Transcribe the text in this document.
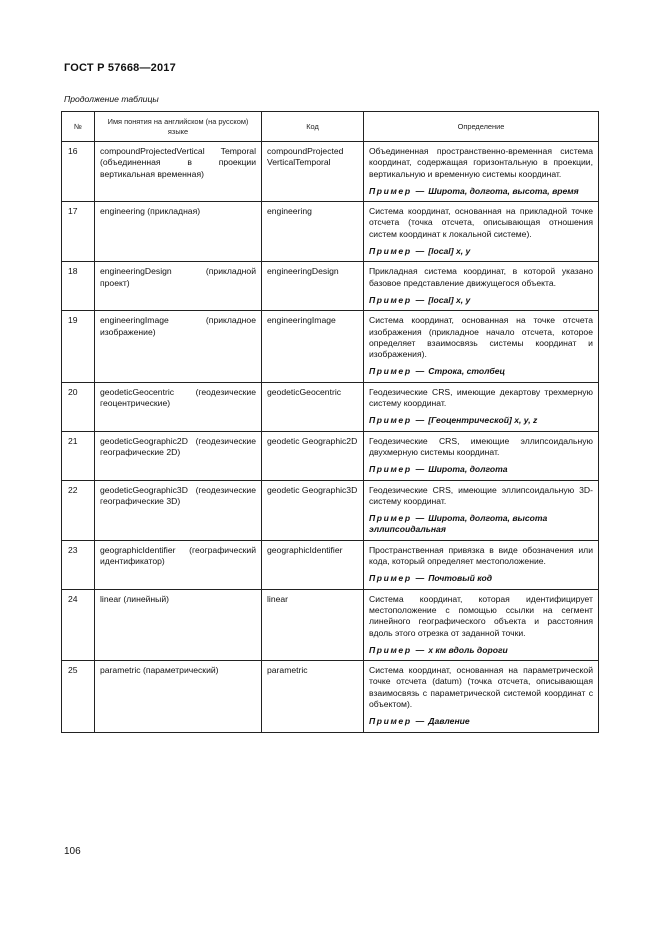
ГОСТ Р 57668—2017
Продолжение таблицы
№	Имя понятия на английском (на русском) языке	Код	Определение
16	compoundProjectedVertical Temporal (объединенная в проекции вертикальная временная)	compoundProjected VerticalTemporal	Объединенная пространственно-временная система координат, содержащая горизонтальную в проекции, вертикальную и временную системы координат.
Пример — Широта, долгота, высота, время

17	engineering (прикладная)	engineering	Система координат, основанная на прикладной точке отсчета (точка отсчета, описывающая отношения систем координат к локальной системе).
Пример — [local] x, y

18	engineeringDesign (прикладной проект)	engineeringDesign	Прикладная система координат, в которой указано базовое представление движущегося объекта.
Пример — [local] x, y

19	engineeringImage (прикладное изображение)	engineeringImage	Система координат, основанная на точке отсчета изображения (прикладное начало отсчета, которое определяет взаимосвязь системы координат и изображения).
Пример — Строка, столбец

20	geodeticGeocentric (геодезические геоцентрические)	geodeticGeocentric	Геодезические CRS, имеющие декартову трехмерную систему координат.
Пример — [Геоцентрической] x, y, z

21	geodeticGeographic2D (геодезические географические 2D)	geodetic Geographic2D	Геодезические CRS, имеющие эллипсоидальную двухмерную системы координат.
Пример — Широта, долгота

22	geodeticGeographic3D (геодезические географические 3D)	geodetic Geographic3D	Геодезические CRS, имеющие эллипсоидальную 3D-систему координат.
Пример — Широта, долгота, высота эллипсоидальная

23	geographicIdentifier (географический идентификатор)	geographicIdentifier	Пространственная привязка в виде обозначения или кода, который определяет местоположение.
Пример — Почтовый код

24	linear (линейный)	linear	Система координат, которая идентифицирует местоположение с помощью ссылки на сегмент линейного географического объекта и расстояния вдоль этого отрезка от заданной точки.
Пример — x км вдоль дороги

25	parametric (параметрический)	parametric	Система координат, основанная на параметрической точке отсчета (datum) (точка отсчета, описывающая взаимосвязь с параметрической системой координат с объектом).
Пример — Давление
106
